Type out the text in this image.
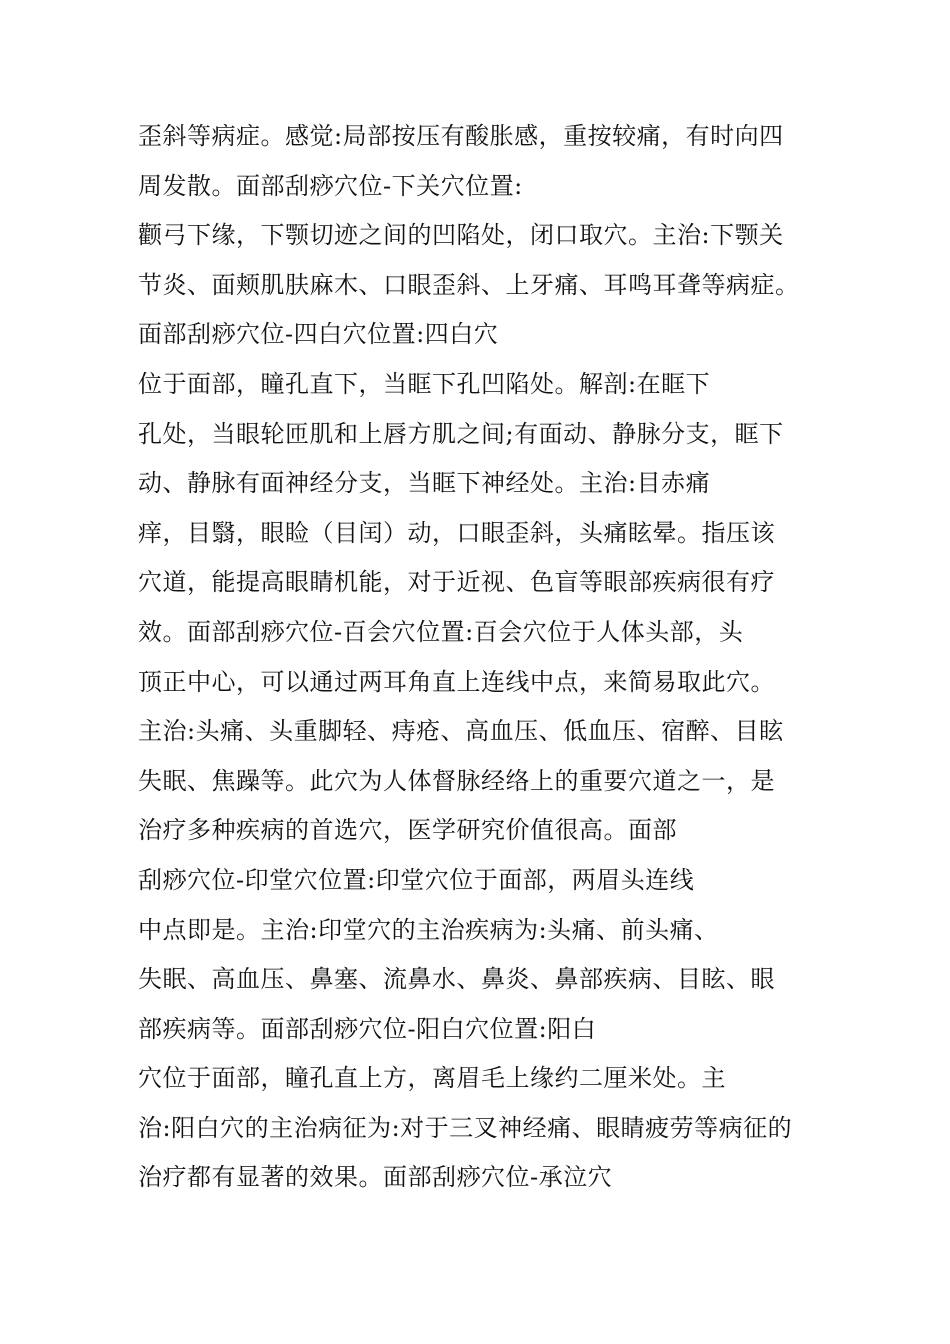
歪斜等病症。感觉:局部按压有酸胀感，重按较痛，有时向四
周发散。面部刮痧穴位-下关穴位置:
颧弓下缘，下颚切迹之间的凹陷处，闭口取穴。主治:下颚关
节炎、面颊肌肤麻木、口眼歪斜、上牙痛、耳鸣耳聋等病症。
面部刮痧穴位-四白穴位置:四白穴
位于面部，瞳孔直下，当眶下孔凹陷处。解剖:在眶下
孔处，当眼轮匝肌和上唇方肌之间;有面动、静脉分支，眶下
动、静脉有面神经分支，当眶下神经处。主治:目赤痛
痒，目翳，眼睑（目闰）动，口眼歪斜，头痛眩晕。指压该
穴道，能提高眼睛机能，对于近视、色盲等眼部疾病很有疗
效。面部刮痧穴位-百会穴位置:百会穴位于人体头部，头
顶正中心，可以通过两耳角直上连线中点，来简易取此穴。
主治:头痛、头重脚轻、痔疮、高血压、低血压、宿醉、目眩
失眠、焦躁等。此穴为人体督脉经络上的重要穴道之一，是
治疗多种疾病的首选穴，医学研究价值很高。面部
刮痧穴位-印堂穴位置:印堂穴位于面部，两眉头连线
中点即是。主治:印堂穴的主治疾病为:头痛、前头痛、
失眠、高血压、鼻塞、流鼻水、鼻炎、鼻部疾病、目眩、眼
部疾病等。面部刮痧穴位-阳白穴位置:阳白
穴位于面部，瞳孔直上方，离眉毛上缘约二厘米处。主
治:阳白穴的主治病征为:对于三叉神经痛、眼睛疲劳等病征的
治疗都有显著的效果。面部刮痧穴位-承泣穴
